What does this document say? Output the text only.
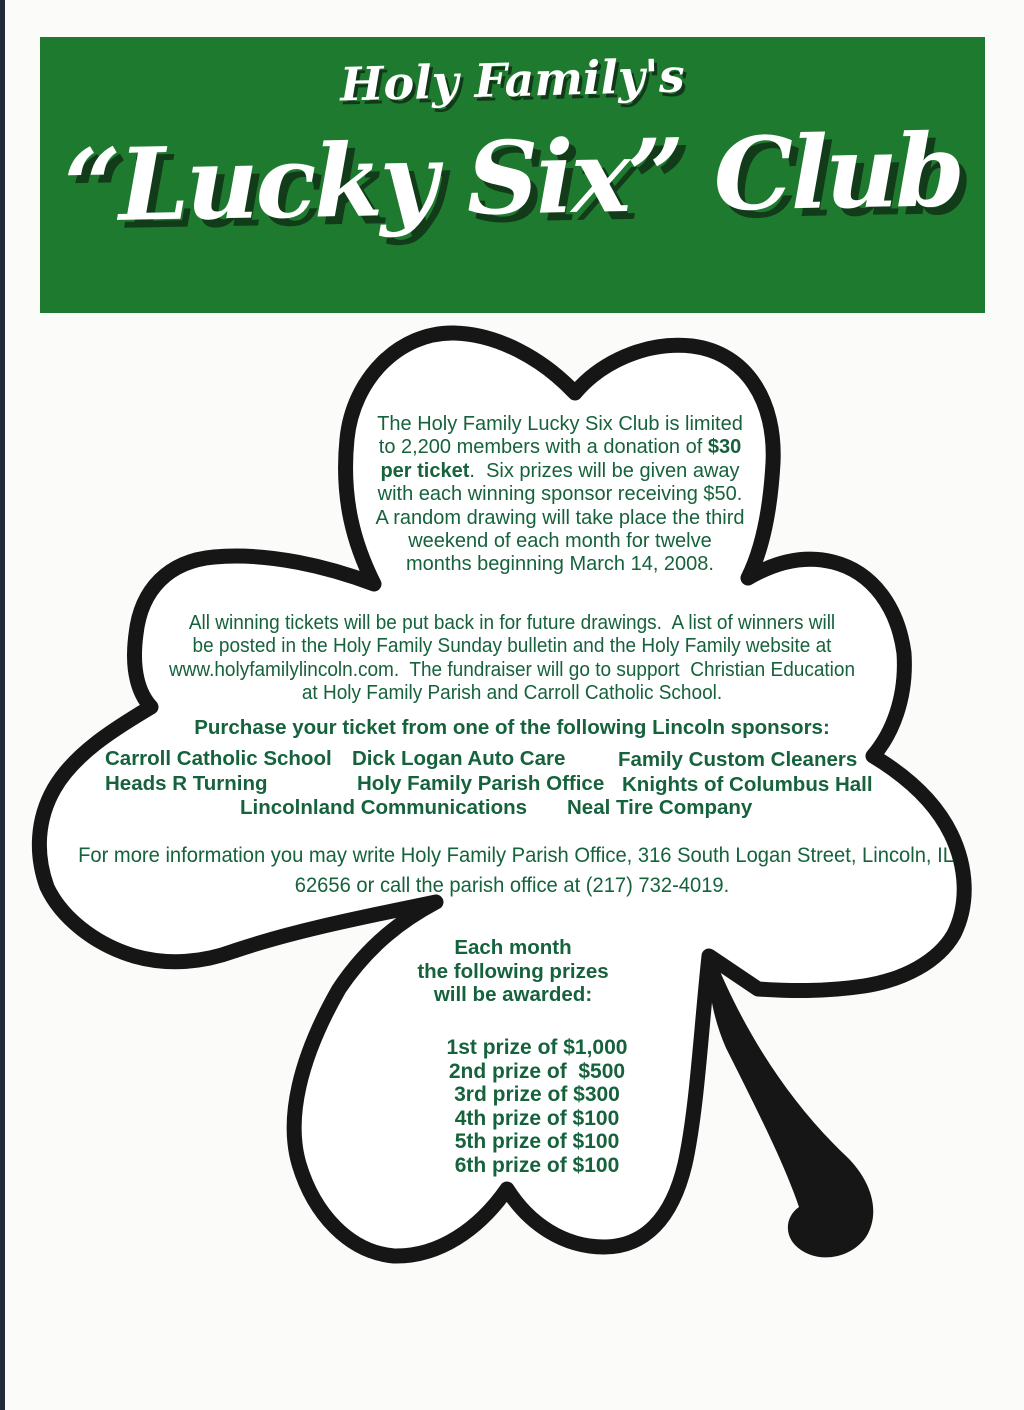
Holy Family's
“Lucky Six” Club
The Holy Family Lucky Six Club is limited
to 2,200 members with a donation of $30
per ticket.  Six prizes will be given away
with each winning sponsor receiving $50.
A random drawing will take place the third
weekend of each month for twelve
months beginning March 14, 2008.
All winning tickets will be put back in for future drawings.  A list of winners will
be posted in the Holy Family Sunday bulletin and the Holy Family website at
www.holyfamilylincoln.com.  The fundraiser will go to support  Christian Education
at Holy Family Parish and Carroll Catholic School.
Purchase your ticket from one of the following Lincoln sponsors:
Carroll Catholic School Dick Logan Auto Care	Family Custom Cleaners
Heads R Turning	Holy Family Parish Office Knights of Columbus Hall
Lincolnland Communications Neal Tire Company
For more information you may write Holy Family Parish Office, 316 South Logan Street, Lincoln, IL
62656 or call the parish office at (217) 732-4019.
Each month
the following prizes
will be awarded:
1st prize of $1,000
2nd prize of  $500
3rd prize of $300
4th prize of $100
5th prize of $100
6th prize of $100
